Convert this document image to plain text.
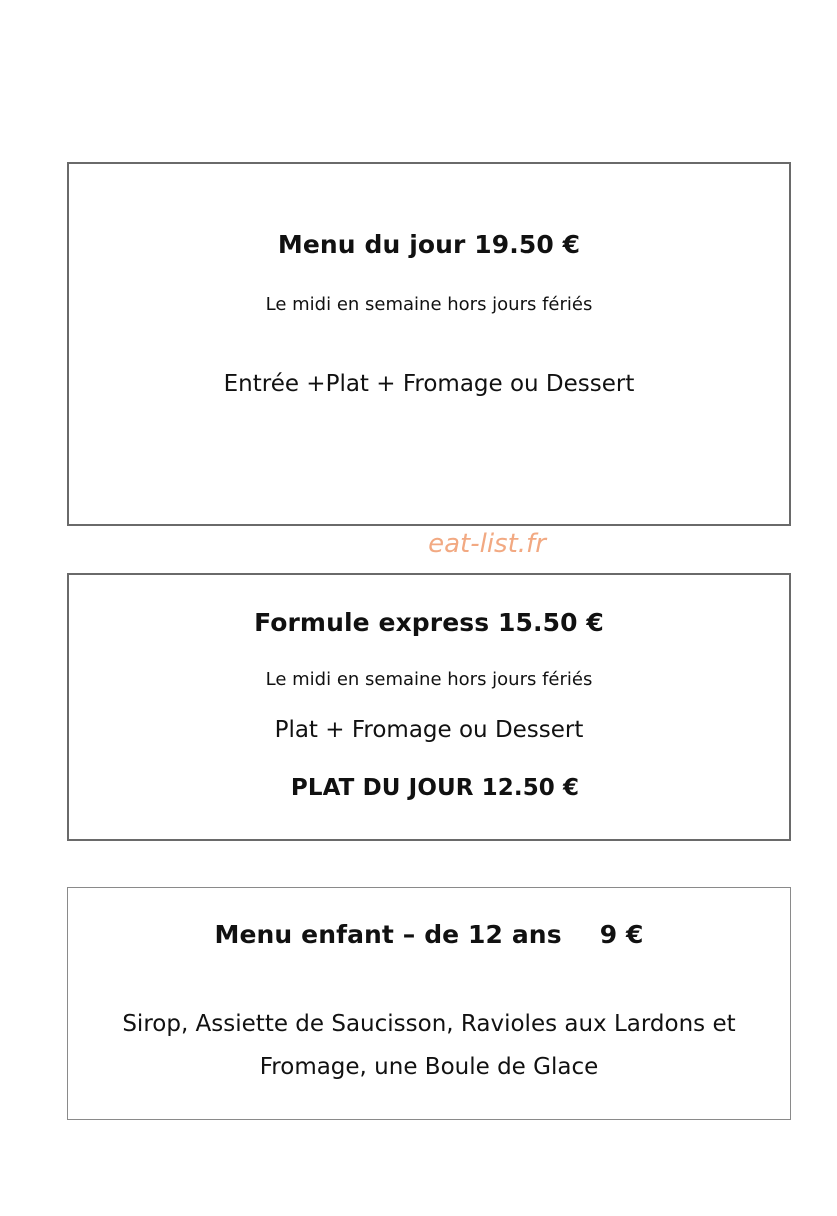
Menu du jour 19.50 €
Le midi en semaine hors jours fériés
Entrée +Plat + Fromage ou Dessert
eat-list.fr
Formule express 15.50 €
Le midi en semaine hors jours fériés
Plat + Fromage ou Dessert
PLAT DU JOUR 12.50 €
Menu enfant – de 12 ans 9 €
Sirop, Assiette de Saucisson, Ravioles aux Lardons et
Fromage, une Boule de Glace
